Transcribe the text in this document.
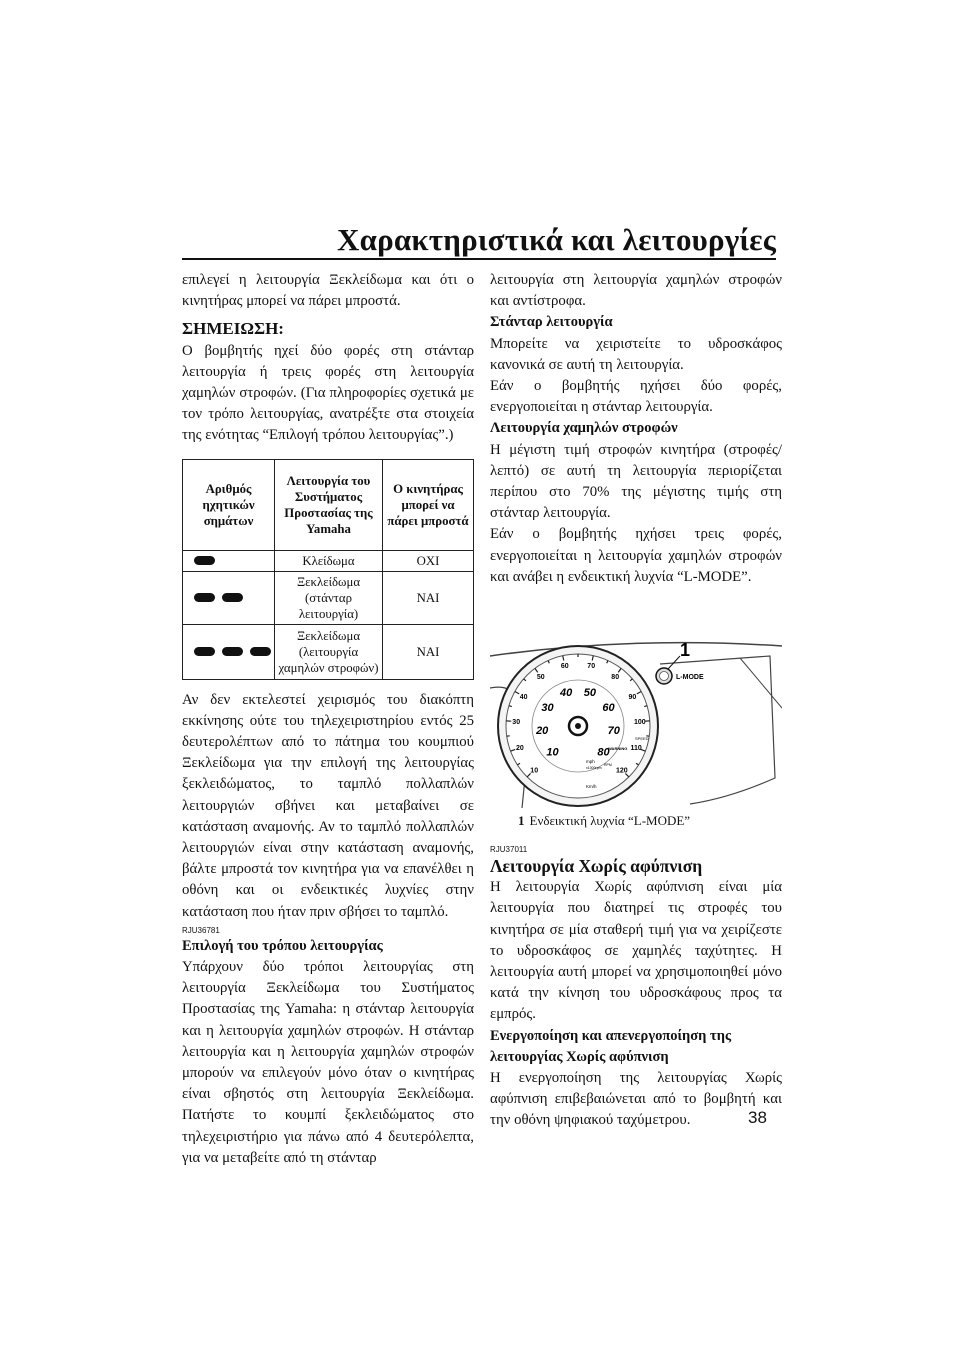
Χαρακτηριστικά και λειτουργίες

επιλεγεί η λειτουργία Ξεκλείδωμα και ότι ο κινητήρας μπορεί να πάρει μπροστά.

ΣΗΜΕΙΩΣΗ:

Ο βομβητής ηχεί δύο φορές στη στάνταρ λειτουργία ή τρεις φορές στη λειτουργία χαμηλών στροφών. (Για πληροφορίες σχετικά με τον τρόπο λειτουργίας, ανατρέξτε στα στοιχεία της ενότητας “Επιλογή τρόπου λειτουργίας”.)

Αριθμός ηχητικών σημάτων	Λειτουργία του Συστήματος Προστασίας της Yamaha	Ο κινητήρας μπορεί να πάρει μπροστά

	Κλείδωμα	ΟΧΙ

	Ξεκλείδωμα (στάνταρ λειτουργία)	ΝΑΙ

	Ξεκλείδωμα (λειτουργία χαμηλών στροφών)	ΝΑΙ

Αν δεν εκτελεστεί χειρισμός του διακόπτη εκκίνησης ούτε του τηλεχειριστηρίου εντός 25 δευτερολέπτων από το πάτημα του κουμπιού Ξεκλείδωμα για την επιλογή της λειτουργίας ξεκλειδώματος, το ταμπλό πολλαπλών λειτουργιών σβήνει και μεταβαίνει σε κατάσταση αναμονής. Αν το ταμπλό πολλαπλών λειτουργιών είναι στην κατάσταση αναμονής, βάλτε μπροστά τον κινητήρα για να επανέλθει η οθόνη και οι ενδεικτικές λυχνίες στην κατάσταση που ήταν πριν σβήσει το ταμπλό.

RJU36781
Επιλογή του τρόπου λειτουργίας

Υπάρχουν δύο τρόποι λειτουργίας στη λειτουργία Ξεκλείδωμα του Συστήματος Προστασίας της Yamaha: η στάνταρ λειτουργία και η λειτουργία χαμηλών στροφών. Η στάνταρ λειτουργία και η λειτουργία χαμηλών στροφών μπορούν να επιλεγούν μόνο όταν ο κινητήρας είναι σβηστός στη λειτουργία Ξεκλείδωμα. Πατήστε το κουμπί ξεκλειδώματος στο τηλεχειριστήριο για πάνω από 4 δευτερόλεπτα, για να μεταβείτε από τη στάνταρ

λειτουργία στη λειτουργία χαμηλών στροφών και αντίστροφα.

Στάνταρ λειτουργία

Μπορείτε να χειριστείτε το υδροσκάφος κανονικά σε αυτή τη λειτουργία.

Εάν ο βομβητής ηχήσει δύο φορές, ενεργοποιείται η στάνταρ λειτουργία.

Λειτουργία χαμηλών στροφών

Η μέγιστη τιμή στροφών κινητήρα (στροφές/λεπτό) σε αυτή τη λειτουργία περιορίζεται περίπου στο 70% της μέγιστης τιμής στη στάνταρ λειτουργία.

Εάν ο βομβητής ηχήσει τρεις φορές, ενεργοποιείται η λειτουργία χαμηλών στροφών και ανάβει η ενδεικτική λυχνία “L-MODE”.

10
20
30
40
50
60	70
80
90
100
110
120
10
20
30
40 50
60
70
80
mph
x1000rpm
RPM
Km/h
WARNING
SPEED
L-MODE
1
1 Ενδεικτική λυχνία “L-MODE”
RJU37011
Λειτουργία Χωρίς αφύπνιση

Η λειτουργία Χωρίς αφύπνιση είναι μία λειτουργία που διατηρεί τις στροφές του κινητήρα σε μία σταθερή τιμή για να χειρίζεστε το υδροσκάφος σε χαμηλές ταχύτητες. Η λειτουργία αυτή μπορεί να χρησιμοποιηθεί μόνο κατά την κίνηση του υδροσκάφους προς τα εμπρός.

Ενεργοποίηση και απενεργοποίηση της λειτουργίας Χωρίς αφύπνιση

Η ενεργοποίηση της λειτουργίας Χωρίς αφύπνιση επιβεβαιώνεται από το βομβητή και την οθόνη ψηφιακού ταχύμετρου.	38
